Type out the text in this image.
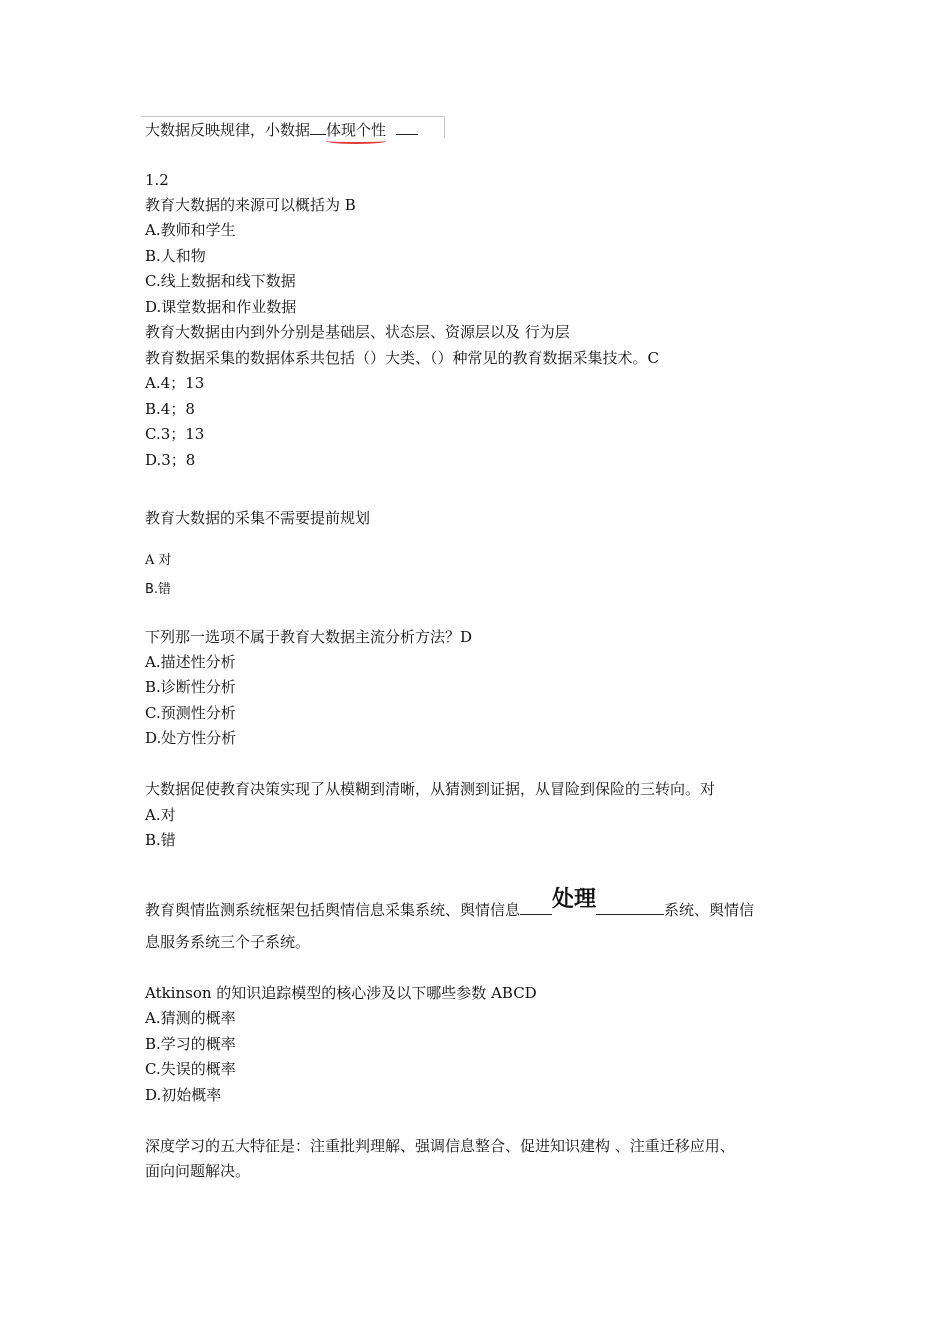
大数据反映规律，小数据 体现个性
1.2
教育大数据的来源可以概括为 B
A.教师和学生
B.人和物
C.线上数据和线下数据
D.课堂数据和作业数据
教育大数据由内到外分别是基础层、状态层、资源层以及 行为层
教育数据采集的数据体系共包括（）大类、（）种常见的教育数据采集技术。C
A.4；13
B.4；8
C.3；13
D.3；8
教育大数据的采集不需要提前规划
A 对
B.错
下列那一选项不属于教育大数据主流分析方法？D
A.描述性分析
B.诊断性分析
C.预测性分析
D.处方性分析
大数据促使教育决策实现了从模糊到清晰，从猜测到证据，从冒险到保险的三转向。对
A.对
B.错
教育舆情监测系统框架包括舆情信息采集系统、舆情信息 处理	系统、舆情信
息服务系统三个子系统。
Atkinson 的知识追踪模型的核心涉及以下哪些参数 ABCD
A.猜测的概率
B.学习的概率
C.失误的概率
D.初始概率
深度学习的五大特征是：注重批判理解、强调信息整合、促进知识建构 、注重迁移应用、
面向问题解决。
